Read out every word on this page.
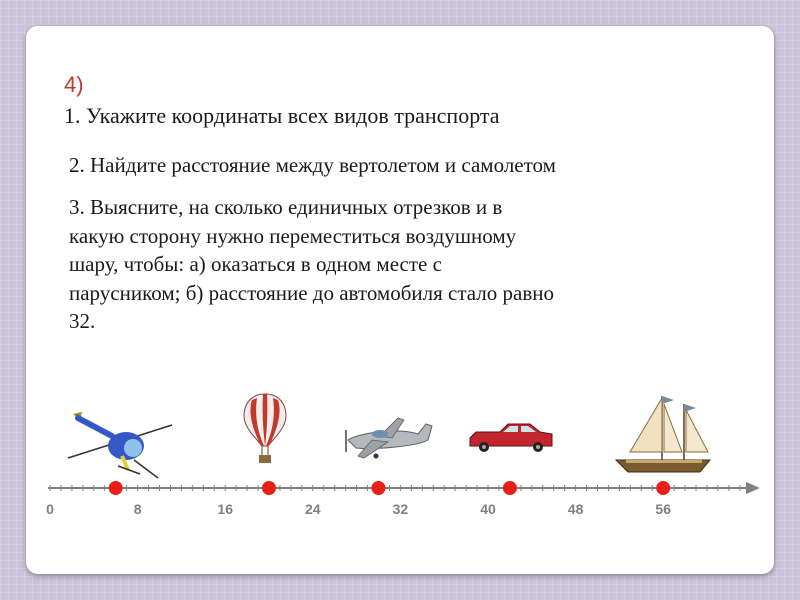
4)
1. Укажите координаты всех видов транспорта
2. Найдите расстояние между вертолетом и самолетом
3. Выясните, на сколько единичных отрезков и в
какую сторону нужно переместиться воздушному
шару, чтобы: а) оказаться в одном месте с
парусником; б) расстояние до автомобиля стало равно
32.
0	8	16	24	32	40	48	56
